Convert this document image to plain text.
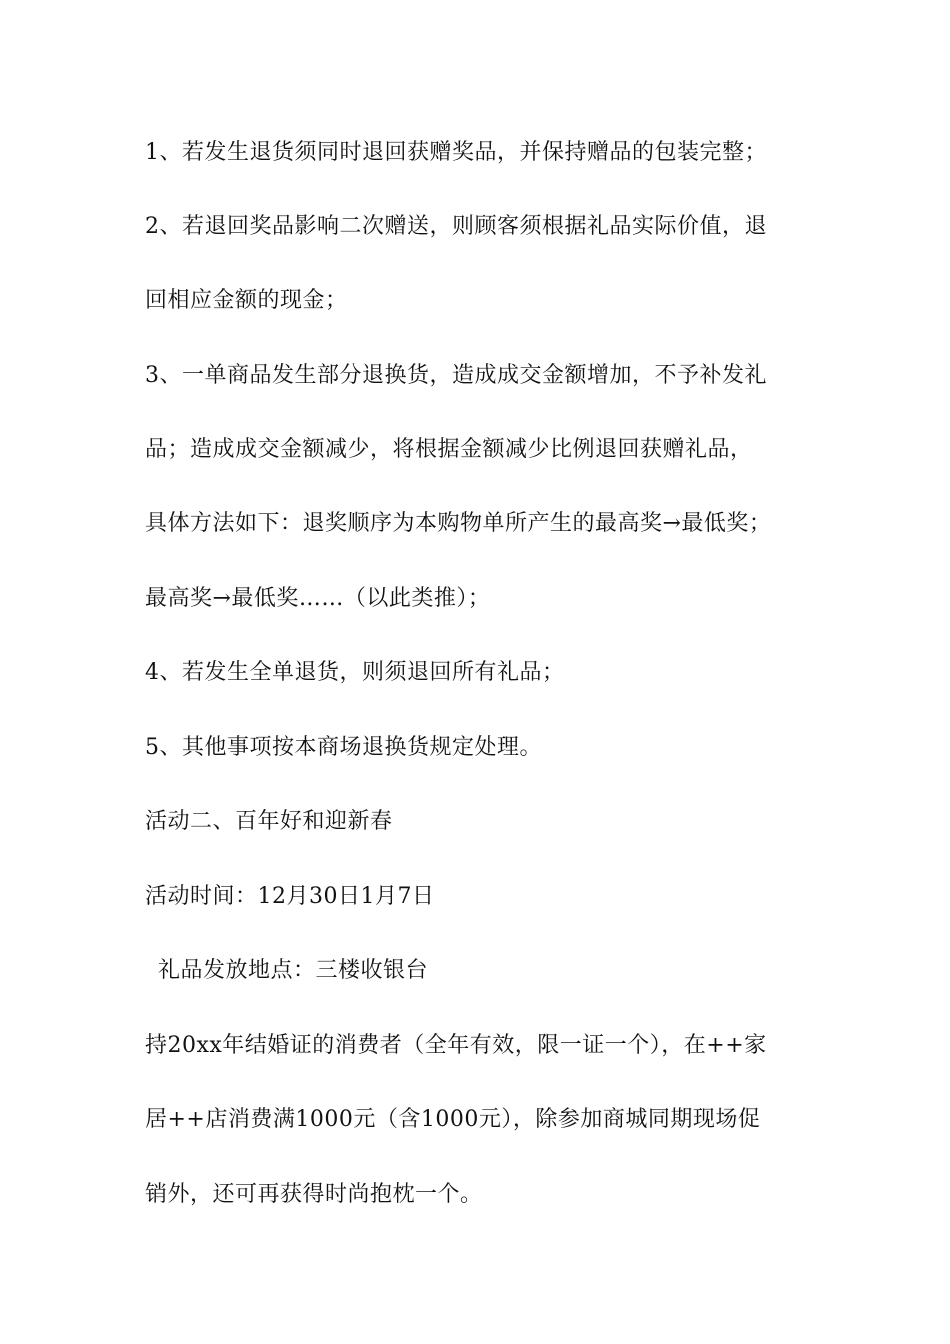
1、若发生退货须同时退回获赠奖品，并保持赠品的包装完整；
2、若退回奖品影响二次赠送，则顾客须根据礼品实际价值，退
回相应金额的现金；
3、一单商品发生部分退换货，造成成交金额增加，不予补发礼
品；造成成交金额减少，将根据金额减少比例退回获赠礼品，
具体方法如下：退奖顺序为本购物单所产生的最高奖→最低奖；
最高奖→最低奖……（以此类推）；
4、若发生全单退货，则须退回所有礼品；
5、其他事项按本商场退换货规定处理。
活动二、百年好和迎新春
活动时间：12月30日1月7日
礼品发放地点：三楼收银台
持20xx年结婚证的消费者（全年有效，限一证一个），在++家
居++店消费满1000元（含1000元），除参加商城同期现场促
销外，还可再获得时尚抱枕一个。
